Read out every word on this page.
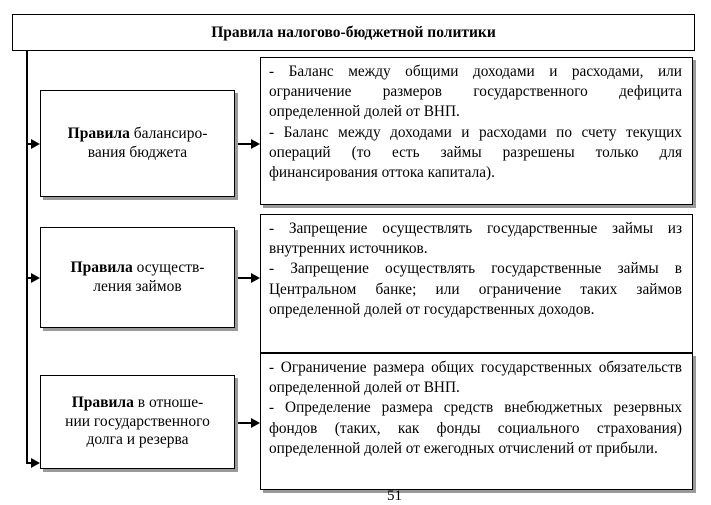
Правила налогово-бюджетной политики
Правила балансиро-
вания бюджета

- Баланс между общими доходами и расходами, или ограничение размеров государственного дефицита определенной долей от ВНП.

- Баланс между доходами и расходами по счету текущих операций (то есть займы разрешены только для финансирования оттока капитала).

Правила осуществ-
ления займов

- Запрещение осуществлять государственные займы из внутренних источников.

- Запрещение осуществлять государственные займы в Центральном банке; или ограничение таких займов определенной долей от государственных доходов.

Правила в отноше-
нии государственного
долга и резерва

- Ограничение размера общих государственных обязательств определенной долей от ВНП.

- Определение размера средств внебюджетных резервных фондов (таких, как фонды социального страхования) определенной долей от ежегодных отчислений от прибыли.

51
